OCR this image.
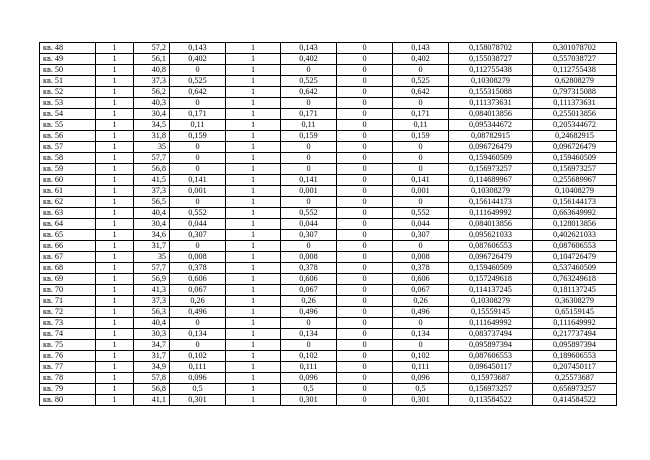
кв. 48	1	57,2	0,143	1	0,143	0	0,143	0,158078702	0,301078702
кв. 49	1	56,1	0,402	1	0,402	0	0,402	0,155038727	0,557038727
кв. 50	1	40,8	0	1	0	0	0	0,112755438	0,112755438
кв. 51	1	37,3	0,525	1	0,525	0	0,525	0,10308279	0,62808279
кв. 52	1	56,2	0,642	1	0,642	0	0,642	0,155315088	0,797315088
кв. 53	1	40,3	0	1	0	0	0	0,111373631	0,111373631
кв. 54	1	30,4	0,171	1	0,171	0	0,171	0,084013856	0,255013856
кв. 55	1	34,5	0,11	1	0,11	0	0,11	0,095344672	0,205344672
кв. 56	1	31,8	0,159	1	0,159	0	0,159	0,08782915	0,24682915
кв. 57	1	35	0	1	0	0	0	0,096726479	0,096726479
кв. 58	1	57,7	0	1	0	0	0	0,159460509	0,159460509
кв. 59	1	56,8	0	1	0	0	0	0,156973257	0,156973257
кв. 60	1	41,5	0,141	1	0,141	0	0,141	0,114689967	0,255689967
кв. 61	1	37,3	0,001	1	0,001	0	0,001	0,10308279	0,10408279
кв. 62	1	56,5	0	1	0	0	0	0,156144173	0,156144173
кв. 63	1	40,4	0,552	1	0,552	0	0,552	0,111649992	0,663649992
кв. 64	1	30,4	0,044	1	0,044	0	0,044	0,084013856	0,128013856
кв. 65	1	34,6	0,307	1	0,307	0	0,307	0,095621033	0,402621033
кв. 66	1	31,7	0	1	0	0	0	0,087606553	0,087606553
кв. 67	1	35	0,008	1	0,008	0	0,008	0,096726479	0,104726479
кв. 68	1	57,7	0,378	1	0,378	0	0,378	0,159460509	0,537460509
кв. 69	1	56,9	0,606	1	0,606	0	0,606	0,157249618	0,763249618
кв. 70	1	41,3	0,067	1	0,067	0	0,067	0,114137245	0,181137245
кв. 71	1	37,3	0,26	1	0,26	0	0,26	0,10308279	0,36308279
кв. 72	1	56,3	0,496	1	0,496	0	0,496	0,15559145	0,65159145
кв. 73	1	40,4	0	1	0	0	0	0,111649992	0,111649992
кв. 74	1	30,3	0,134	1	0,134	0	0,134	0,083737494	0,217737494
кв. 75	1	34,7	0	1	0	0	0	0,095897394	0,095897394
кв. 76	1	31,7	0,102	1	0,102	0	0,102	0,087606553	0,189606553
кв. 77	1	34,9	0,111	1	0,111	0	0,111	0,096450117	0,207450117
кв. 78	1	57,8	0,096	1	0,096	0	0,096	0,15973687	0,25573687
кв. 79	1	56,8	0,5	1	0,5	0	0,5	0,156973257	0,656973257
кв. 80	1	41,1	0,301	1	0,301	0	0,301	0,113584522	0,414584522
